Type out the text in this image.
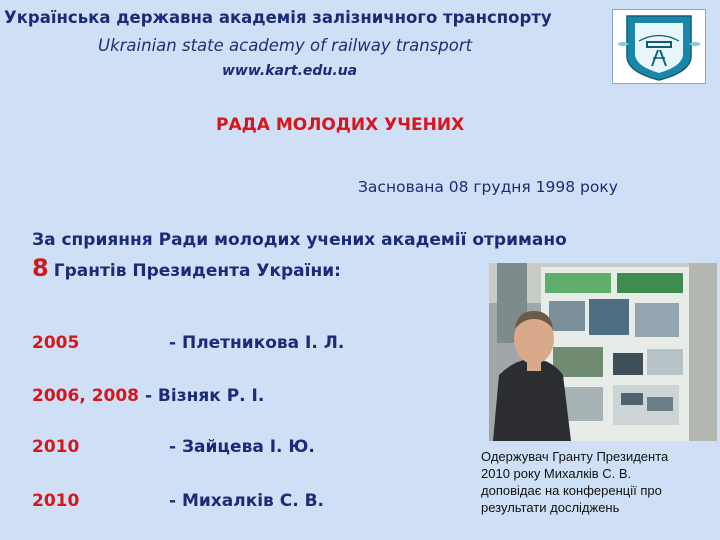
Українська державна академія залізничного транспорту
Ukrainian state academy of railway transport
www.kart.edu.ua
РАДА МОЛОДИХ УЧЕНИХ
Заснована 08 грудня 1998 року
За сприяння Ради молодих учених академії отримано
8 Грантів Президента України:
2005	- Плетникова І. Л.
2006, 2008 - Візняк Р. І.
2010	- Зайцева І. Ю.
2010	- Михалків С. В.
Одержувач Гранту Президента
2010 року Михалків С. В.
доповідає на конференції про
результати досліджень
